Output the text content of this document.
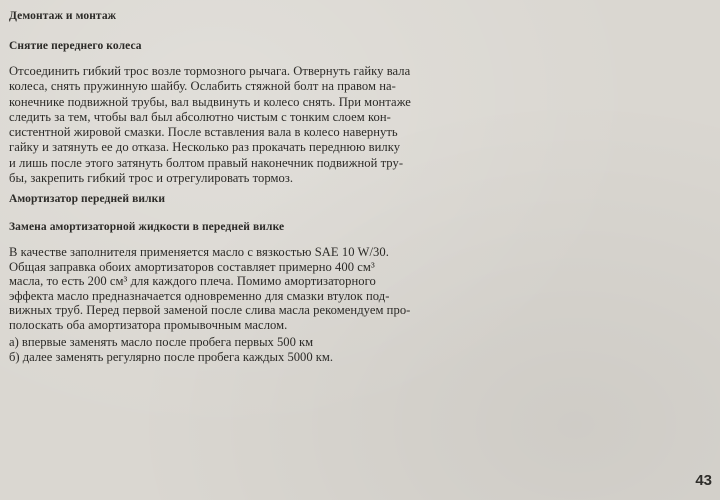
Демонтаж и монтаж
Снятие переднего колеса

Отсоединить гибкий трос возле тормозного рычага. Отвернуть гайку вала
колеса, снять пружинную шайбу. Ослабить стяжной болт на правом на-
конечнике подвижной трубы, вал выдвинуть и колесо снять. При монтаже
следить за тем, чтобы вал был абсолютно чистым с тонким слоем кон-
систентной жировой смазки. После вставления вала в колесо навернуть
гайку и затянуть ее до отказа. Несколько раз прокачать переднюю вилку
и лишь после этого затянуть болтом правый наконечник подвижной тру-
бы, закрепить гибкий трос и отрегулировать тормоз.

Амортизатор передней вилки
Замена амортизаторной жидкости в передней вилке

В качестве заполнителя применяется масло с вязкостью SAE 10 W/30.
Общая заправка обоих амортизаторов составляет примерно 400 см³
масла, то есть 200 см³ для каждого плеча. Помимо амортизаторного
эффекта масло предназначается одновременно для смазки втулок под-
вижных труб. Перед первой заменой после слива масла рекомендуем про-
полоскать оба амортизатора промывочным маслом.

а) впервые заменять масло после пробега первых 500 км
б) далее заменять регулярно после пробега каждых 5000 км.
43
